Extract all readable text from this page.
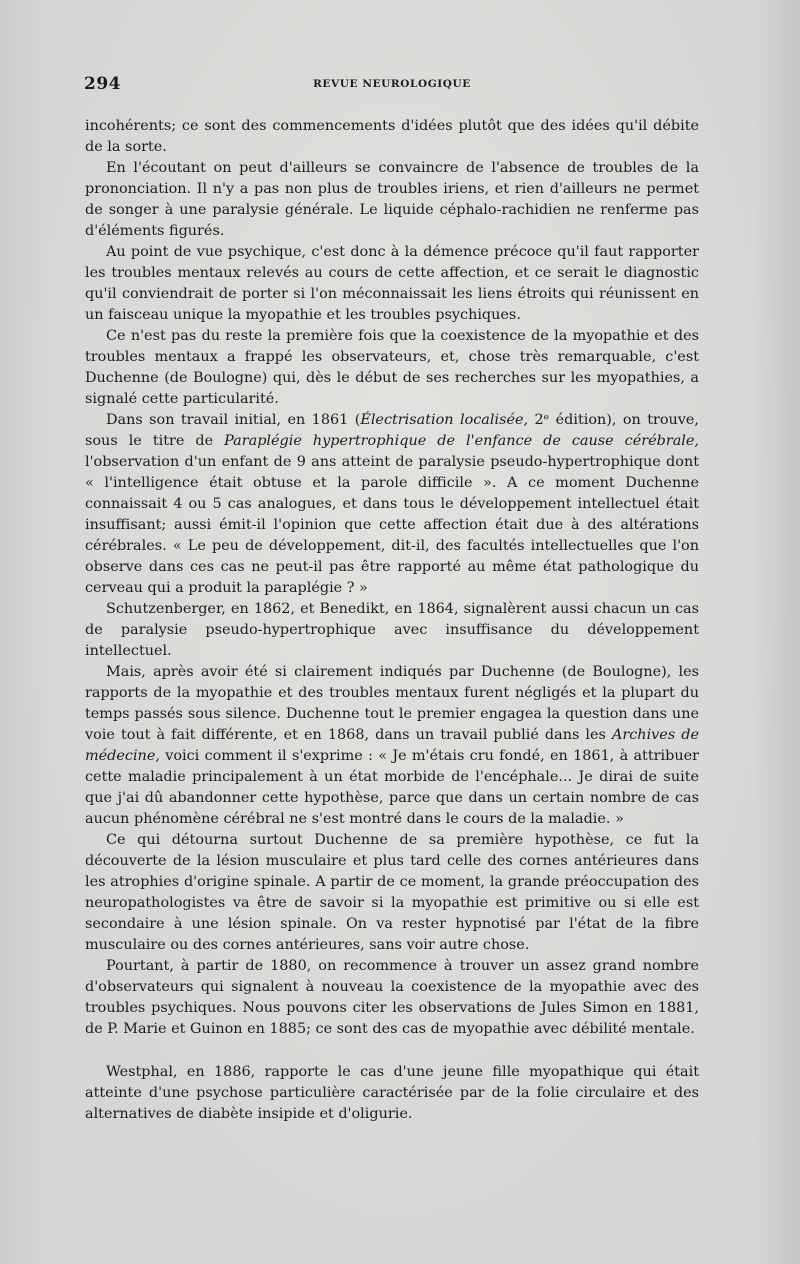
294	REVUE NEUROLOGIQUE

incohérents; ce sont des commencements d'idées plutôt que des idées qu'il débite de la sorte.

En l'écoutant on peut d'ailleurs se convaincre de l'absence de troubles de la prononciation. Il n'y a pas non plus de troubles iriens, et rien d'ailleurs ne permet de songer à une paralysie générale. Le liquide céphalo-rachidien ne renferme pas d'éléments figurés.

Au point de vue psychique, c'est donc à la démence précoce qu'il faut rapporter les troubles mentaux relevés au cours de cette affection, et ce serait le diagnostic qu'il conviendrait de porter si l'on méconnaissait les liens étroits qui réunissent en un faisceau unique la myopathie et les troubles psychiques.

Ce n'est pas du reste la première fois que la coexistence de la myopathie et des troubles mentaux a frappé les observateurs, et, chose très remarquable, c'est Duchenne (de Boulogne) qui, dès le début de ses recherches sur les myopathies, a signalé cette particularité.

Dans son travail initial, en 1861 (Électrisation localisée, 2ᵉ édition), on trouve, sous le titre de Paraplégie hypertrophique de l'enfance de cause cérébrale, l'observation d'un enfant de 9 ans atteint de paralysie pseudo-hypertrophique dont « l'intelligence était obtuse et la parole difficile ». A ce moment Duchenne connaissait 4 ou 5 cas analogues, et dans tous le développement intellectuel était insuffisant; aussi émit-il l'opinion que cette affection était due à des altérations cérébrales. « Le peu de développement, dit-il, des facultés intellectuelles que l'on observe dans ces cas ne peut-il pas être rapporté au même état pathologique du cerveau qui a produit la paraplégie ? »

Schutzenberger, en 1862, et Benedikt, en 1864, signalèrent aussi chacun un cas de paralysie pseudo-hypertrophique avec insuffisance du développement intellectuel.

Mais, après avoir été si clairement indiqués par Duchenne (de Boulogne), les rapports de la myopathie et des troubles mentaux furent négligés et la plupart du temps passés sous silence. Duchenne tout le premier engagea la question dans une voie tout à fait différente, et en 1868, dans un travail publié dans les Archives de médecine, voici comment il s'exprime : « Je m'étais cru fondé, en 1861, à attribuer cette maladie principalement à un état morbide de l'encéphale... Je dirai de suite que j'ai dû abandonner cette hypothèse, parce que dans un certain nombre de cas aucun phénomène cérébral ne s'est montré dans le cours de la maladie. »

Ce qui détourna surtout Duchenne de sa première hypothèse, ce fut la découverte de la lésion musculaire et plus tard celle des cornes antérieures dans les atrophies d'origine spinale. A partir de ce moment, la grande préoccupation des neuropathologistes va être de savoir si la myopathie est primitive ou si elle est secondaire à une lésion spinale. On va rester hypnotisé par l'état de la fibre musculaire ou des cornes antérieures, sans voir autre chose.

Pourtant, à partir de 1880, on recommence à trouver un assez grand nombre d'observateurs qui signalent à nouveau la coexistence de la myopathie avec des troubles psychiques. Nous pouvons citer les observations de Jules Simon en 1881, de P. Marie et Guinon en 1885; ce sont des cas de myopathie avec débilité mentale.

Westphal, en 1886, rapporte le cas d'une jeune fille myopathique qui était atteinte d'une psychose particulière caractérisée par de la folie circulaire et des alternatives de diabète insipide et d'oligurie.
